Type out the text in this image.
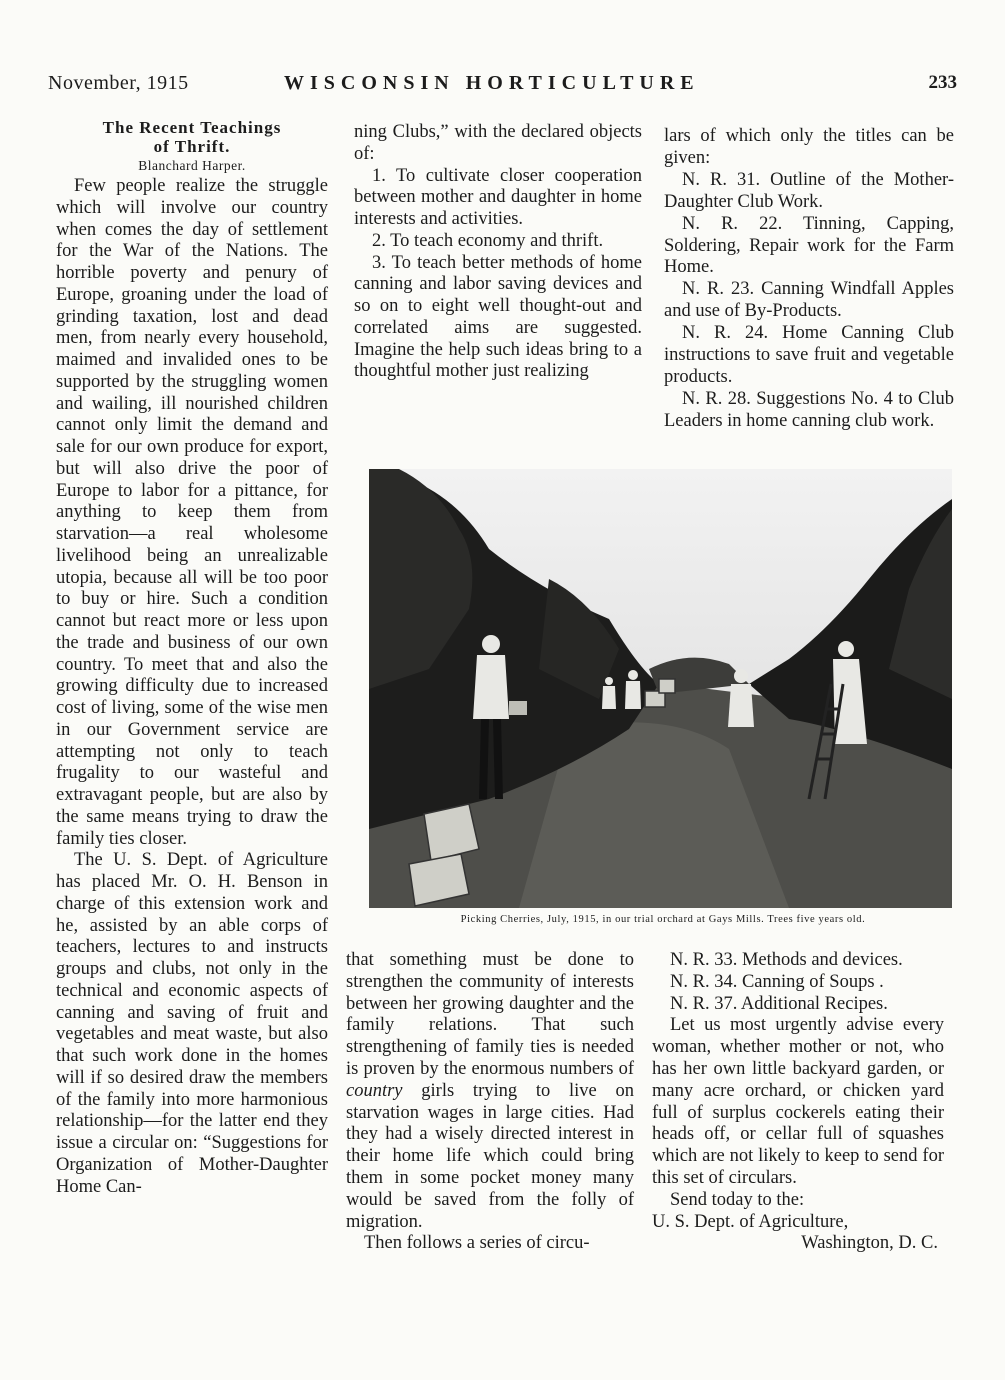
November, 1915	WISCONSIN HORTICULTURE	233
The Recent Teachings
of Thrift.
Blanchard Harper.

Few people realize the struggle which will involve our country when comes the day of settlement for the War of the Nations. The horrible poverty and penury of Europe, groaning under the load of grinding taxation, lost and dead men, from nearly every household, maimed and invalided ones to be supported by the struggling women and wailing, ill nourished children cannot only limit the demand and sale for our own produce for export, but will also drive the poor of Europe to labor for a pittance, for anything to keep them from starvation—a real wholesome livelihood being an unrealizable utopia, because all will be too poor to buy or hire. Such a condition cannot but react more or less upon the trade and business of our own country. To meet that and also the growing difficulty due to increased cost of living, some of the wise men in our Government service are attempting not only to teach frugality to our wasteful and extravagant people, but are also by the same means trying to draw the family ties closer.

The U. S. Dept. of Agriculture has placed Mr. O. H. Benson in charge of this extension work and he, assisted by an able corps of teachers, lectures to and instructs groups and clubs, not only in the technical and economic aspects of canning and saving of fruit and vegetables and meat waste, but also that such work done in the homes will if so desired draw the members of the family into more harmonious relationship—for the latter end they issue a circular on: “Suggestions for Organization of Mother-Daughter Home Can-

ning Clubs,” with the declared objects of:

1. To cultivate closer cooperation between mother and daughter in home interests and activities.

2. To teach economy and thrift.

3. To teach better methods of home canning and labor saving devices and so on to eight well thought-out and correlated aims are suggested. Imagine the help such ideas bring to a thoughtful mother just realizing

lars of which only the titles can be given:

N. R. 31. Outline of the Mother-Daughter Club Work.

N. R. 22. Tinning, Capping, Soldering, Repair work for the Farm Home.

N. R. 23. Canning Windfall Apples and use of By-Products.

N. R. 24. Home Canning Club instructions to save fruit and vegetable products.

N. R. 28. Suggestions No. 4 to Club Leaders in home canning club work.

Picking Cherries, July, 1915, in our trial orchard at Gays Mills. Trees five years old.

that something must be done to strengthen the community of interests between her growing daughter and the family relations. That such strengthening of family ties is needed is proven by the enormous numbers of country girls trying to live on starvation wages in large cities. Had they had a wisely directed interest in their home life which could bring them in some pocket money many would be saved from the folly of migration.

Then follows a series of circu-

N. R. 33. Methods and devices.

N. R. 34. Canning of Soups .

N. R. 37. Additional Recipes.

Let us most urgently advise every woman, whether mother or not, who has her own little backyard garden, or many acre orchard, or chicken yard full of surplus cockerels eating their heads off, or cellar full of squashes which are not likely to keep to send for this set of circulars.

Send today to the:

U. S. Dept. of Agriculture,

Washington, D. C.
